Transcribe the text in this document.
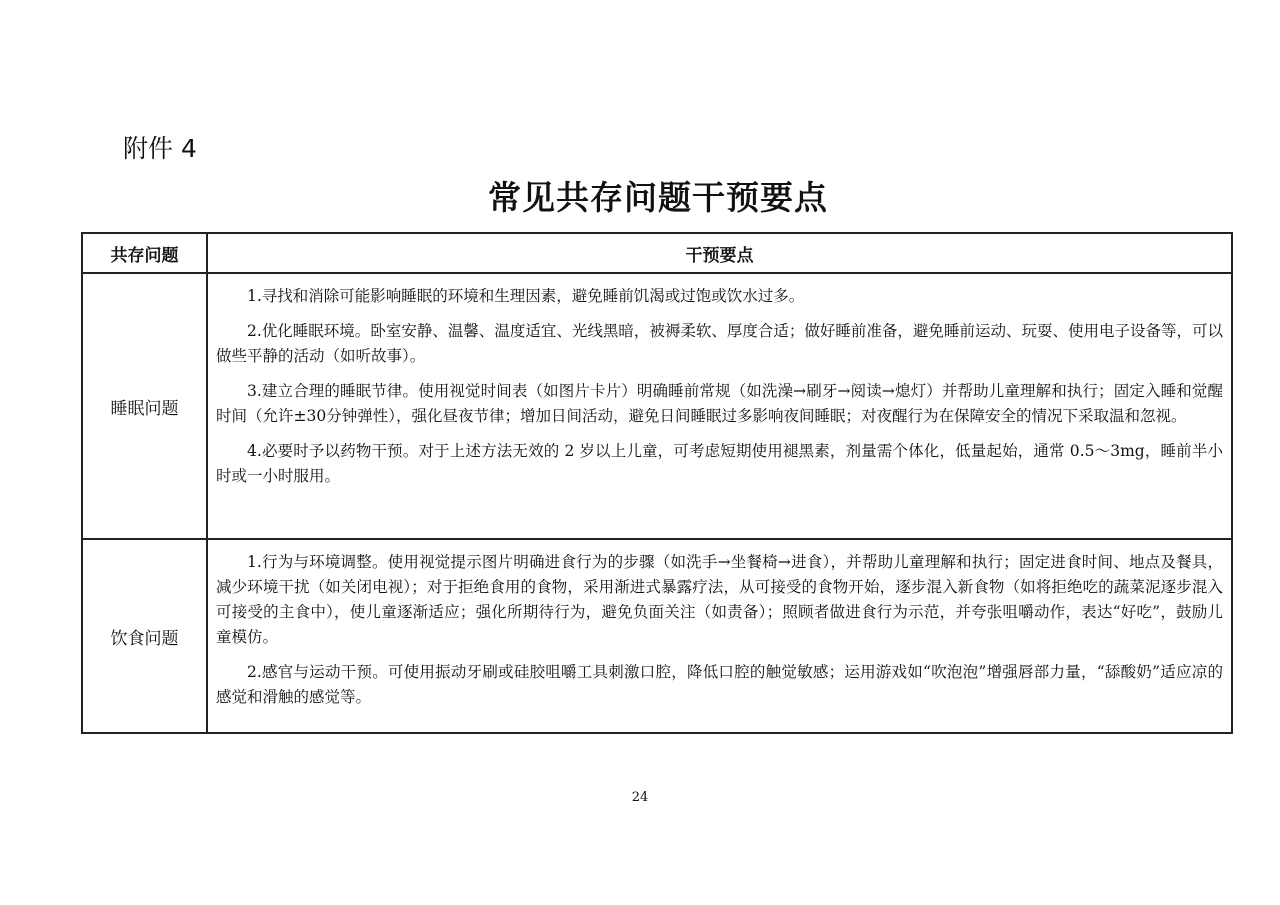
附件 4
常见共存问题干预要点
共存问题	干预要点
睡眠问题	1.寻找和消除可能影响睡眠的环境和生理因素，避免睡前饥渴或过饱或饮水过多。

2.优化睡眠环境。卧室安静、温馨、温度适宜、光线黑暗，被褥柔软、厚度合适；做好睡前准备，避免睡前运动、玩耍、使用电子设备等，可以做些平静的活动（如听故事）。

3.建立合理的睡眠节律。使用视觉时间表（如图片卡片）明确睡前常规（如洗澡→刷牙→阅读→熄灯）并帮助儿童理解和执行；固定入睡和觉醒时间（允许±30分钟弹性），强化昼夜节律；增加日间活动，避免日间睡眠过多影响夜间睡眠；对夜醒行为在保障安全的情况下采取温和忽视。

4.必要时予以药物干预。对于上述方法无效的 2 岁以上儿童，可考虑短期使用褪黑素，剂量需个体化，低量起始，通常 0.5～3mg，睡前半小时或一小时服用。

饮食问题	1.行为与环境调整。使用视觉提示图片明确进食行为的步骤（如洗手→坐餐椅→进食），并帮助儿童理解和执行；固定进食时间、地点及餐具，减少环境干扰（如关闭电视）；对于拒绝食用的食物，采用渐进式暴露疗法，从可接受的食物开始，逐步混入新食物（如将拒绝吃的蔬菜泥逐步混入可接受的主食中），使儿童逐渐适应；强化所期待行为，避免负面关注（如责备）；照顾者做进食行为示范，并夸张咀嚼动作，表达“好吃”，鼓励儿童模仿。

2.感官与运动干预。可使用振动牙刷或硅胶咀嚼工具刺激口腔，降低口腔的触觉敏感；运用游戏如“吹泡泡”增强唇部力量，“舔酸奶”适应凉的感觉和滑触的感觉等。

24
